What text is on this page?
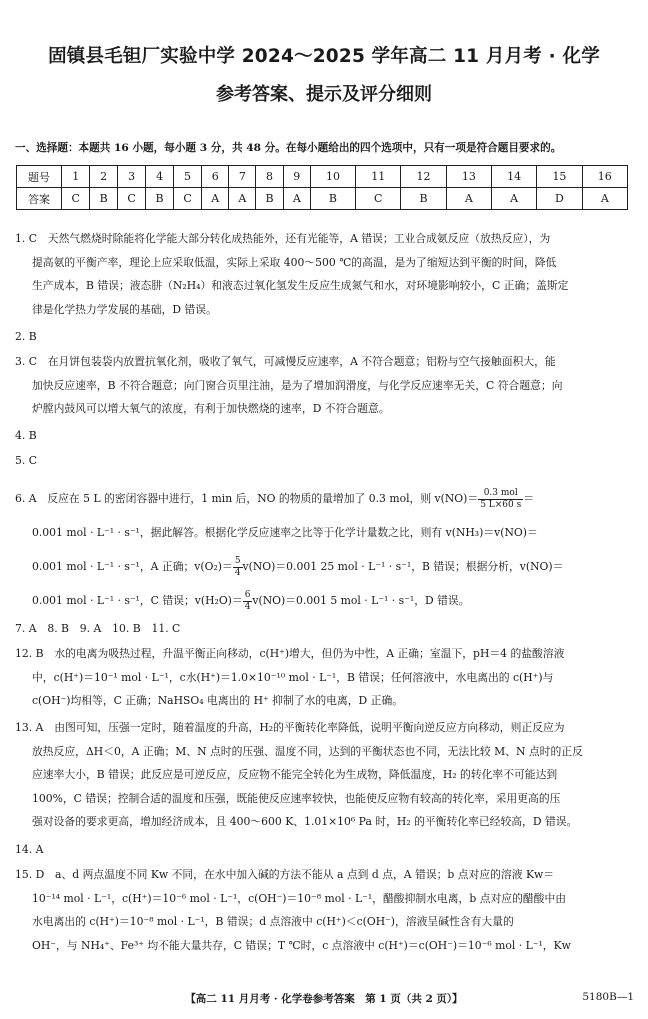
固镇县毛钽厂实验中学 2024～2025 学年高二 11 月月考 · 化学
参考答案、提示及评分细则
一、选择题：本题共 16 小题，每小题 3 分，共 48 分。在每小题给出的四个选项中，只有一项是符合题目要求的。
题号	1	2	3	4	5	6	7	8	9	10	11	12	13	14	15	16
答案	C	B	C	B	C	A	A	B	A	B	C	B	A	A	D	A
1. C　天然气燃烧时除能将化学能大部分转化成热能外，还有光能等，A 错误；工业合成氨反应（放热反应），为
提高氨的平衡产率，理论上应采取低温，实际上采取 400～500 ℃的高温，是为了缩短达到平衡的时间，降低
生产成本，B 错误；液态肼（N₂H₄）和液态过氧化氢发生反应生成氮气和水，对环境影响较小，C 正确；盖斯定
律是化学热力学发展的基础，D 错误。
2. B
3. C　在月饼包装袋内放置抗氧化剂，吸收了氧气，可减慢反应速率，A 不符合题意；铝粉与空气接触面积大，能
加快反应速率，B 不符合题意；向门窗合页里注油，是为了增加润滑度，与化学反应速率无关，C 符合题意；向
炉膛内鼓风可以增大氧气的浓度，有利于加快燃烧的速率，D 不符合题意。
4. B
5. C
6. A　反应在 5 L 的密闭容器中进行，1 min 后，NO 的物质的量增加了 0.3 mol，则 $v(NO)= \frac{\text{0.3 mol}}{5 L\times 60 s}$ ＝
0.001 mol · L⁻¹ · s⁻¹，据此解答。根据化学反应速率之比等于化学计量数之比，则有 v(NH₃)＝v(NO)＝
0.001 mol · L⁻¹ · s⁻¹，A 正确；$v(O_2)= \frac{5}{4} v(NO)=0.001$ 25 mol · L⁻¹ · s⁻¹，B 错误；根据分析，v(NO)＝
0.001 mol · L⁻¹ · s⁻¹，C 错误；$v(H_2O)= \frac{6}{4} v(NO)=0.001$ 5 mol · L⁻¹ · s⁻¹，D 错误。
7. A　8. B　9. A　10. B　11. C
12. B　水的电离为吸热过程，升温平衡正向移动，c(H⁺)增大，但仍为中性，A 正确；室温下，pH＝4 的盐酸溶液
中，c(H⁺)＝10⁻¹ mol · L⁻¹，c水(H⁺)＝1.0×10⁻¹⁰ mol · L⁻¹，B 错误；任何溶液中，水电离出的 c(H⁺)与
c(OH⁻)均相等，C 正确；NaHSO₄ 电离出的 H⁺ 抑制了水的电离，D 正确。
13. A　由图可知，压强一定时，随着温度的升高，H₂的平衡转化率降低，说明平衡向逆反应方向移动，则正反应为
放热反应，ΔH＜0，A 正确；M、N 点时的压强、温度不同，达到的平衡状态也不同，无法比较 M、N 点时的正反
应速率大小，B 错误；此反应是可逆反应，反应物不能完全转化为生成物，降低温度，H₂ 的转化率不可能达到
100%，C 错误；控制合适的温度和压强，既能使反应速率较快，也能使反应物有较高的转化率，采用更高的压
强对设备的要求更高，增加经济成本，且 400～600 K、1.01×10⁶ Pa 时，H₂ 的平衡转化率已经较高，D 错误。
14. A
15. D　a、d 两点温度不同 Kw 不同，在水中加入碱的方法不能从 a 点到 d 点，A 错误；b 点对应的溶液 Kw＝
10⁻¹⁴ mol · L⁻¹，c(H⁺)＝10⁻⁶ mol · L⁻¹，c(OH⁻)＝10⁻⁸ mol · L⁻¹，醋酸抑制水电离，b 点对应的醋酸中由
水电离出的 c(H⁺)＝10⁻⁸ mol · L⁻¹，B 错误；d 点溶液中 c(H⁺)＜c(OH⁻)，溶液呈碱性含有大量的
OH⁻，与 NH₄⁺、Fe³⁺ 均不能大量共存，C 错误；T ℃时，c 点溶液中 c(H⁺)＝c(OH⁻)＝10⁻⁶ mol · L⁻¹，Kw
【高二 11 月月考 · 化学卷参考答案　第 1 页（共 2 页）】	5180B—1
